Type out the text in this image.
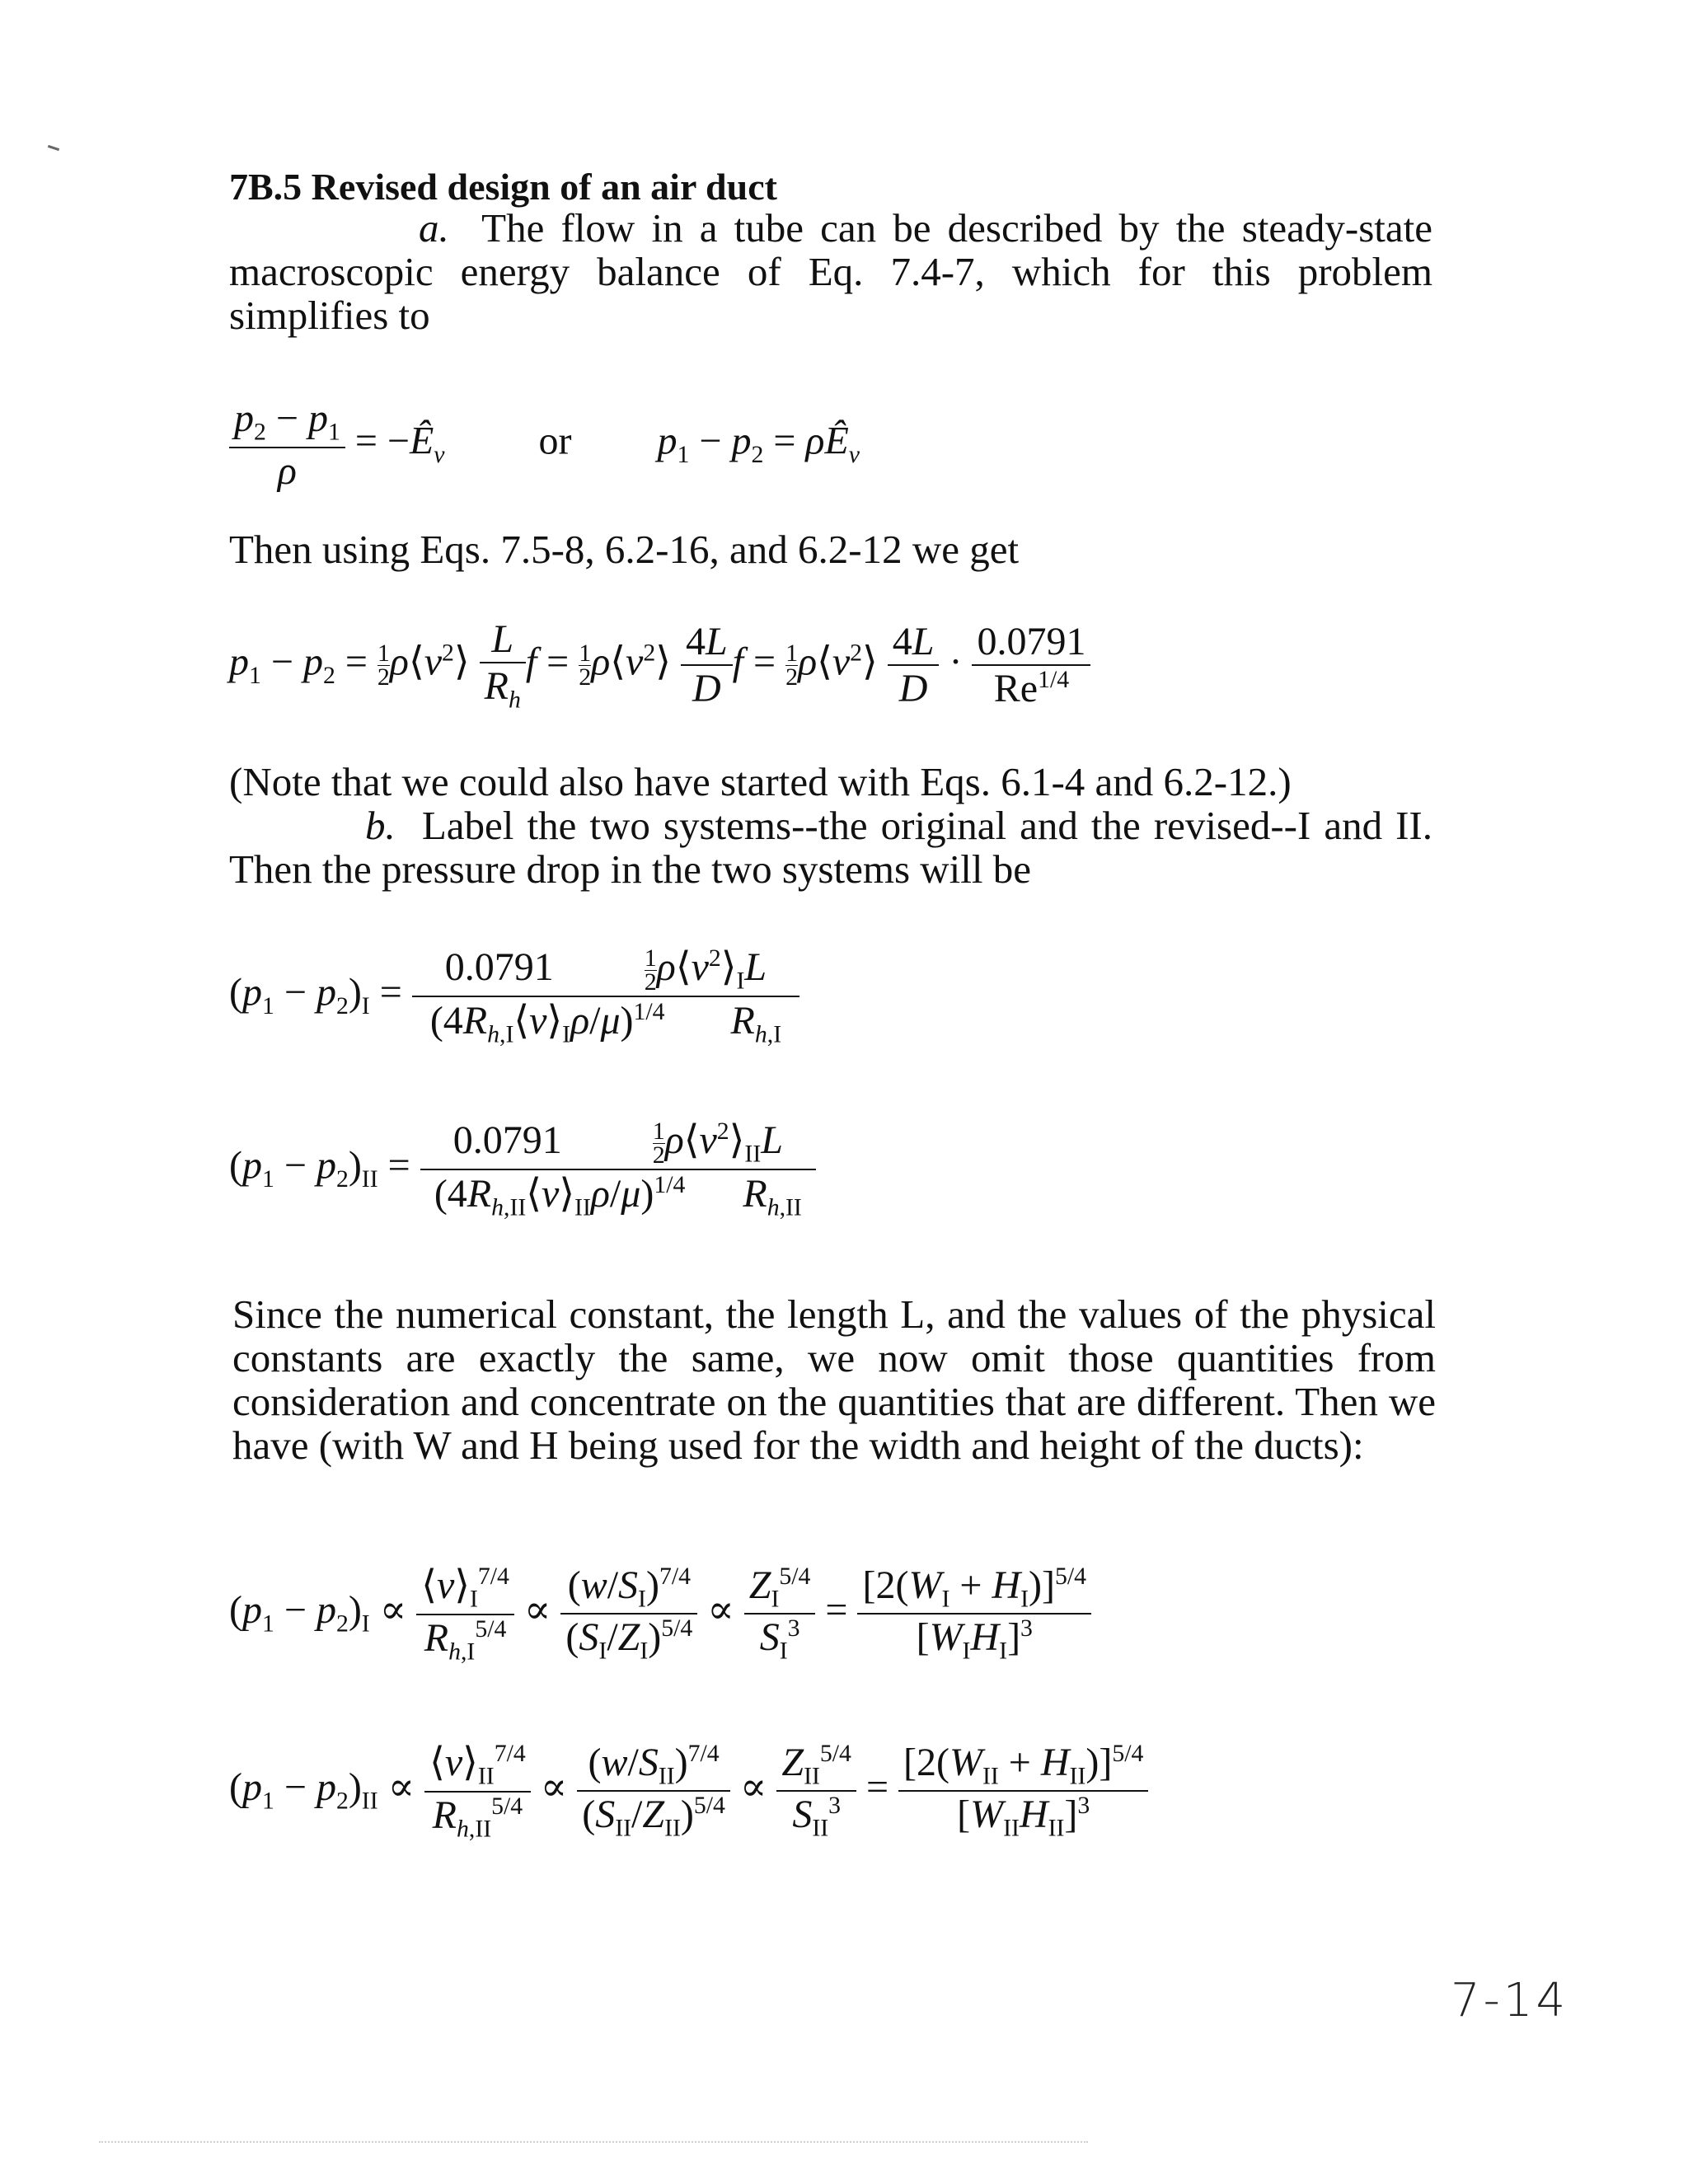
7B.5 Revised design of an air duct
a. The flow in a tube can be described by the steady-state macroscopic energy balance of Eq. 7.4-7, which for this problem simplifies to
$\frac{p_2 - p_1}{\rho}$ = $-Ê_v$ or $p_1 - p_2$ = $\rho Ê_v$
Then using Eqs. 7.5-8, 6.2-16, and 6.2-12 we get
$p_1 - p_2 = \frac{1}{2}$ $\rho⟨v^2⟩ \frac{L}{R_h}$ $f = \frac{1}{2}$ $\rho⟨v^2⟩ \frac{4L}{D}$ $f = \frac{1}{2}$ $\rho⟨v^2⟩ \frac{4L}{D} \cdot \frac{0.0791}{Re^{1/4}}$
(Note that we could also have started with Eqs. 6.1-4 and 6.2-12.)
b. Label the two systems--the original and the revised--I and II. Then the pressure drop in the two systems will be
$(p_1 - p_2)_I = 0.0791$	$\frac{1}{2}$ $\rho⟨v^2⟩_IL$
$(4R_{h,I}⟨v⟩_I\rho/\mu)^{1/4}$ $R_{h,I}$
$(p_1 - p_2)_{II}$ =
0.0791	$\frac{1}{2}$ $\rho⟨v^2⟩_{II}L$
$(4R_{h,II}⟨v⟩_{II}\rho/\mu)^{1/4}$ $R_{h,II}$
Since the numerical constant, the length L, and the values of the physical constants are exactly the same, we now omit those quantities from consideration and concentrate on the quantities that are different. Then we have (with W and H being used for the width and height of the ducts):
$(p_1 - p_2)_I \propto \frac{⟨v⟩_I^{7/4}}{R_{h,I}^{5/4}} \propto \frac{(w/S_I)^{7/4}}{(S_I/Z_I)^{5/4}} \propto \frac{Z_I^{5/4}}{S_I^3}$ =
$[2(W_I + H_I)]^{5/4}$
$[W_IH_I]^3$
$(p_1 - p_2)_{II} \propto \frac{⟨v⟩_{II}^{7/4}}{R_{h,II}^{5/4}}$ ∝
$(w/S_{II})^{7/4}$
$(S_{II}/Z_{II})^{5/4}$ ∝
$Z_{II}^{5/4}$
$S_{II}^3$ =
$[2(W_{II} + H_{II})]^{5/4}$
$[W_{II}H_{II}]^3$
7-14
